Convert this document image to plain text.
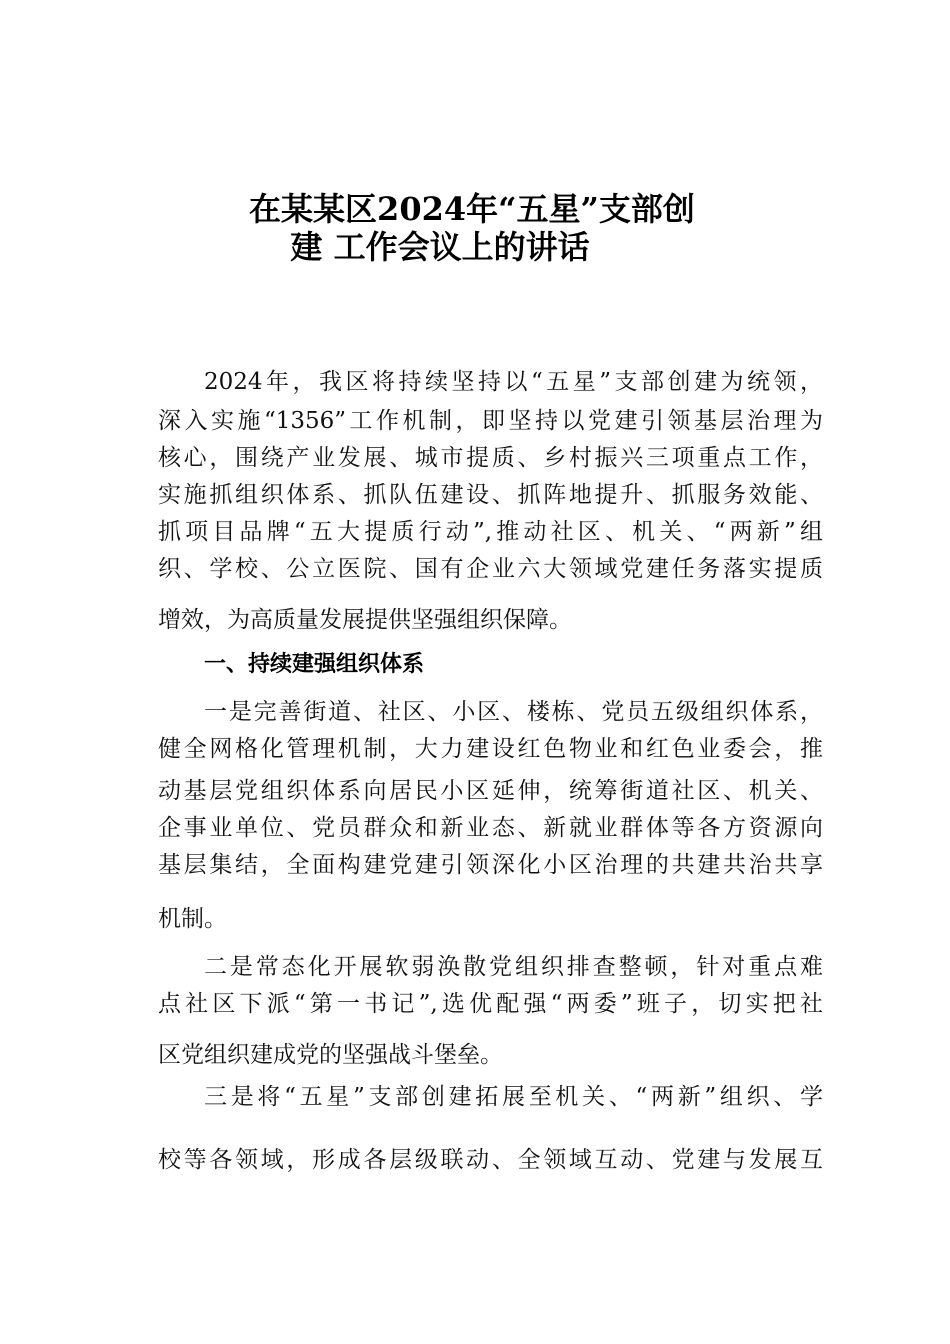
在某某区2024年“五星”支部创
建 工作会议上的讲话
2024年，我区将持续坚持以“五星”支部创建为统领，
深入实施“1356”工作机制，即坚持以党建引领基层治理为
核心，围绕产业发展、城市提质、乡村振兴三项重点工作，
实施抓组织体系、抓队伍建设、抓阵地提升、抓服务效能、
抓项目品牌“五大提质行动”,推动社区、机关、“两新”组
织、学校、公立医院、国有企业六大领域党建任务落实提质
增效，为高质量发展提供坚强组织保障。
一、持续建强组织体系
一是完善街道、社区、小区、楼栋、党员五级组织体系，
健全网格化管理机制，大力建设红色物业和红色业委会，推
动基层党组织体系向居民小区延伸，统筹街道社区、机关、
企事业单位、党员群众和新业态、新就业群体等各方资源向
基层集结，全面构建党建引领深化小区治理的共建共治共享
机制。
二是常态化开展软弱涣散党组织排查整顿，针对重点难
点社区下派“第一书记”,选优配强“两委”班子，切实把社
区党组织建成党的坚强战斗堡垒。
三是将“五星”支部创建拓展至机关、“两新”组织、学
校等各领域，形成各层级联动、全领域互动、党建与发展互
